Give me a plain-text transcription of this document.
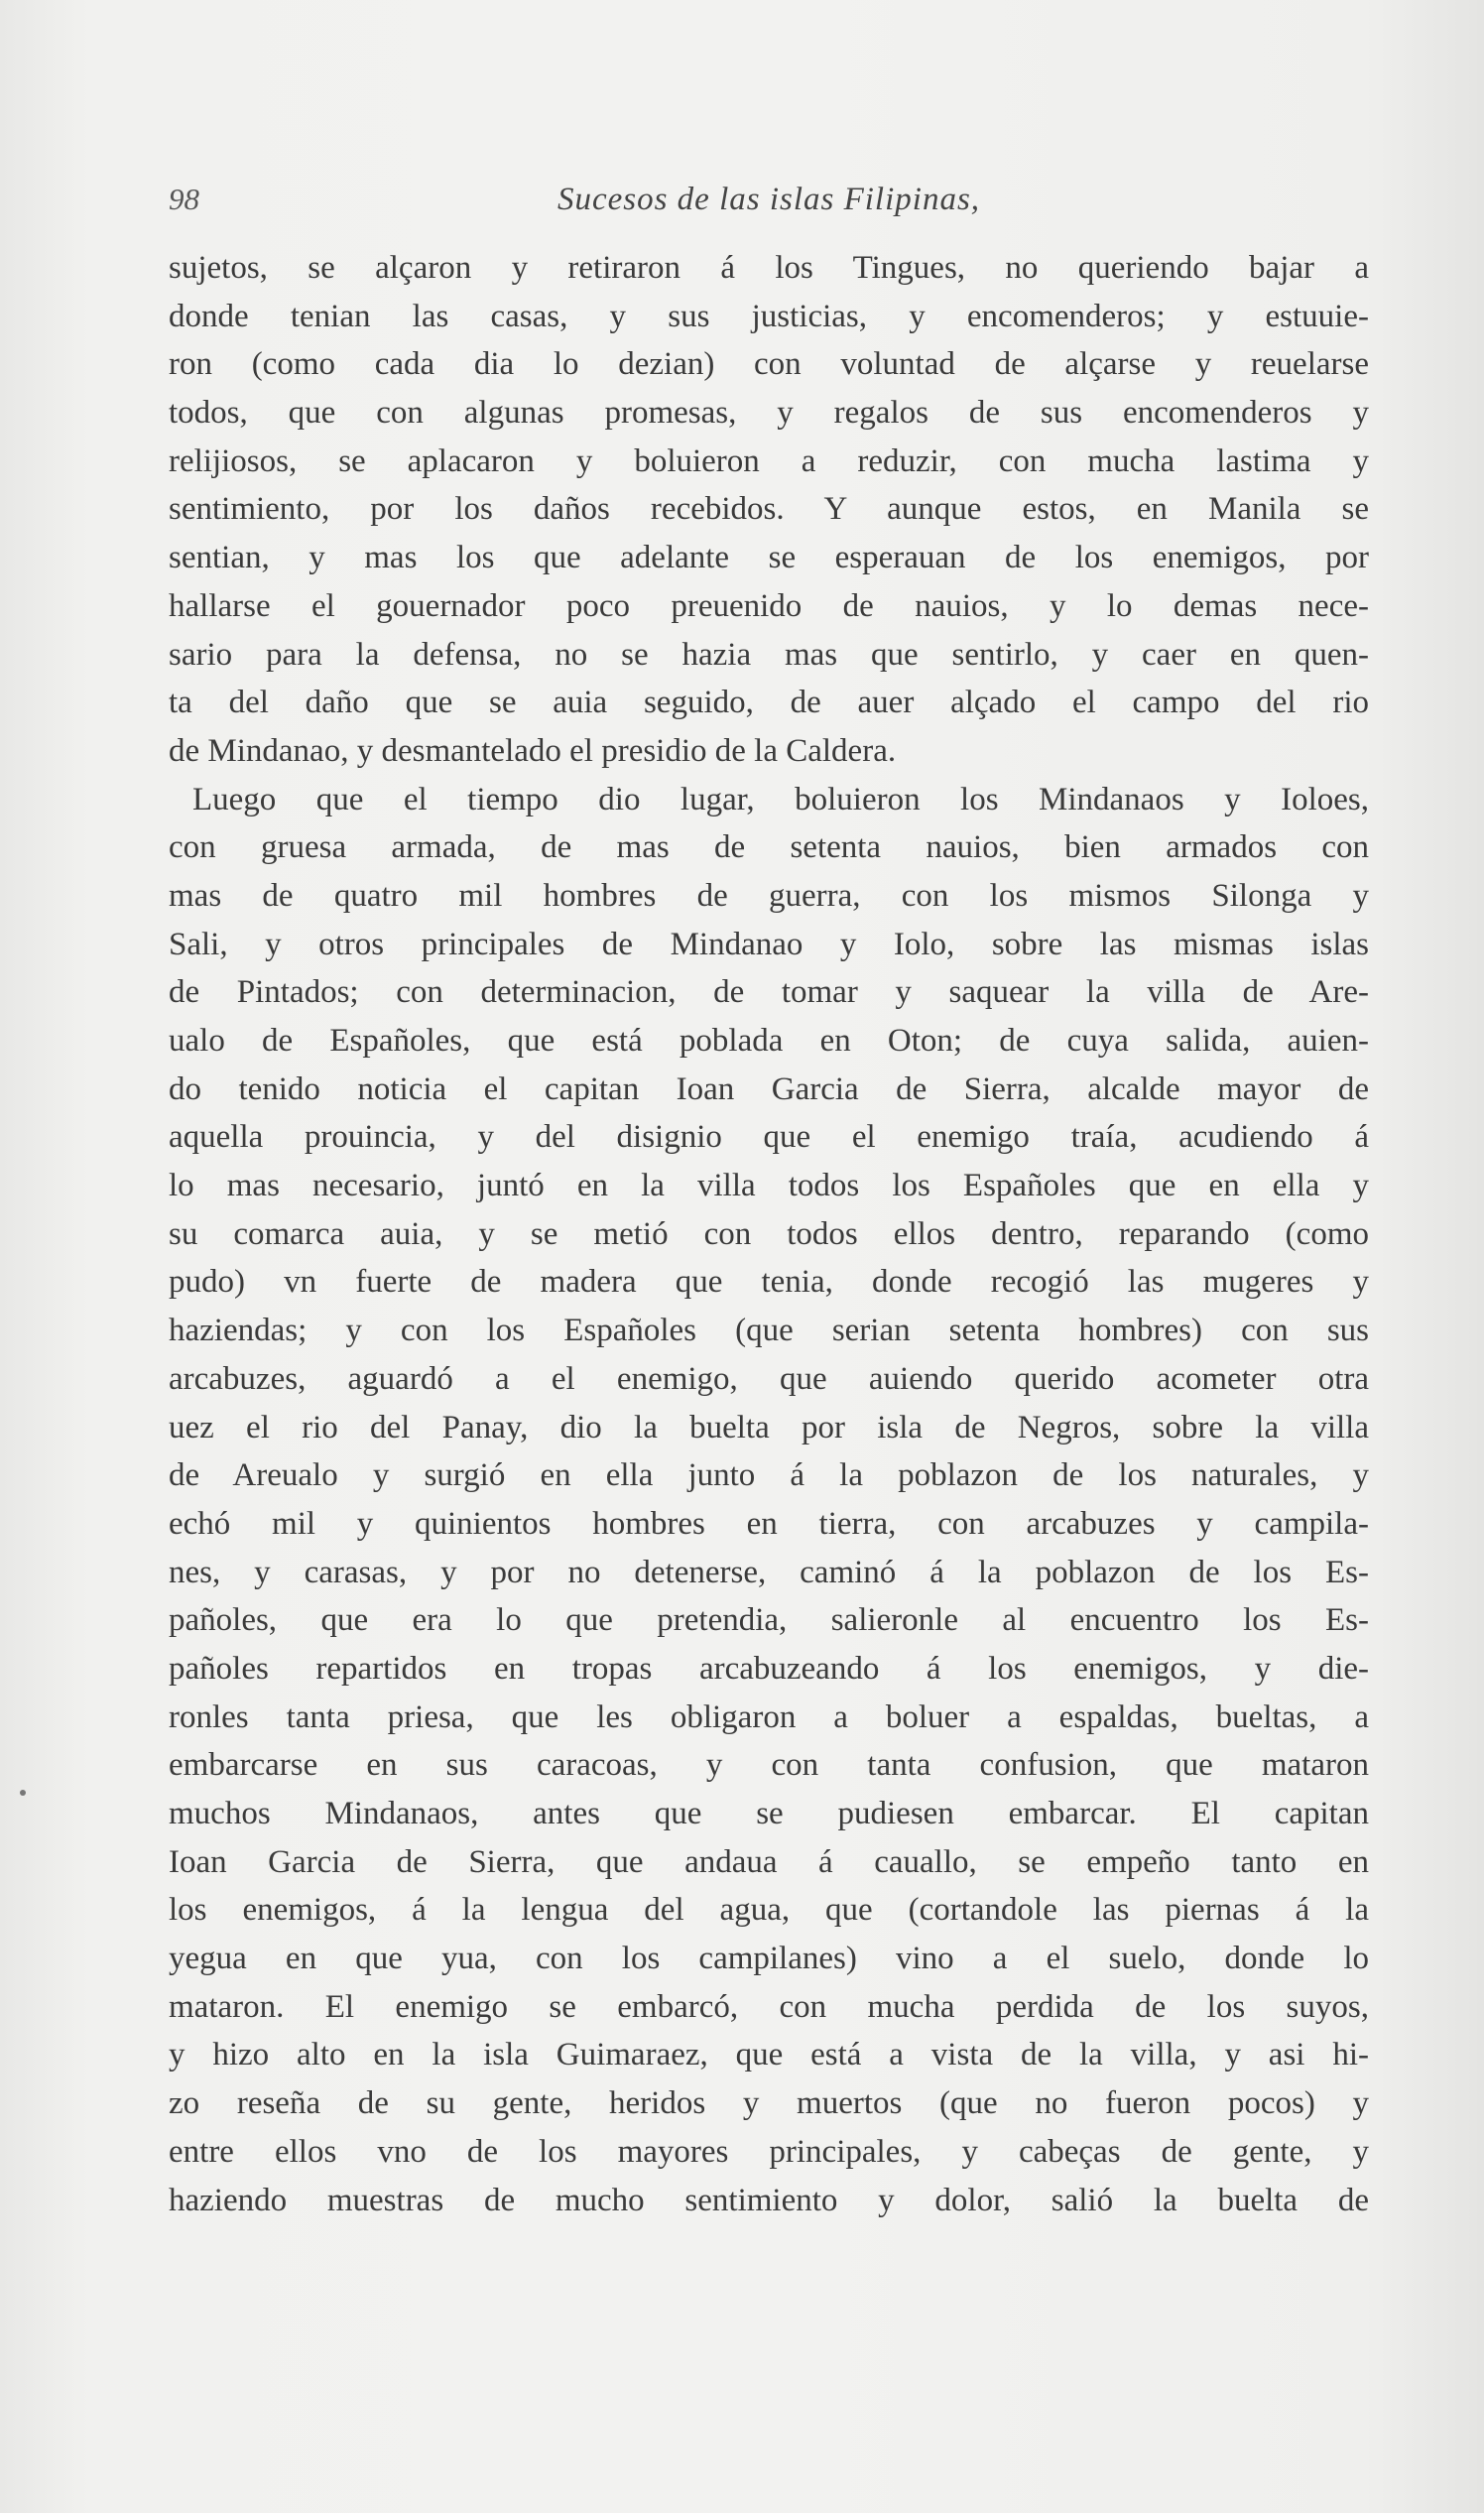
98	Sucesos de las islas Filipinas,
sujetos, se alçaron y retiraron á los Tingues, no queriendo bajar a
donde tenian las casas, y sus justicias, y encomenderos; y estuuie-
ron (como cada dia lo dezian) con voluntad de alçarse y reuelarse
todos, que con algunas promesas, y regalos de sus encomenderos y
relijiosos, se aplacaron y boluieron a reduzir, con mucha lastima y
sentimiento, por los daños recebidos. Y aunque estos, en Manila se
sentian, y mas los que adelante se esperauan de los enemigos, por
hallarse el gouernador poco preuenido de nauios, y lo demas nece-
sario para la defensa, no se hazia mas que sentirlo, y caer en quen-
ta del daño que se auia seguido, de auer alçado el campo del rio
de Mindanao, y desmantelado el presidio de la Caldera.
Luego que el tiempo dio lugar, boluieron los Mindanaos y Ioloes,
con gruesa armada, de mas de setenta nauios, bien armados con
mas de quatro mil hombres de guerra, con los mismos Silonga y
Sali, y otros principales de Mindanao y Iolo, sobre las mismas islas
de Pintados; con determinacion, de tomar y saquear la villa de Are-
ualo de Españoles, que está poblada en Oton; de cuya salida, auien-
do tenido noticia el capitan Ioan Garcia de Sierra, alcalde mayor de
aquella prouincia, y del disignio que el enemigo traía, acudiendo á
lo mas necesario, juntó en la villa todos los Españoles que en ella y
su comarca auia, y se metió con todos ellos dentro, reparando (como
pudo) vn fuerte de madera que tenia, donde recogió las mugeres y
haziendas; y con los Españoles (que serian setenta hombres) con sus
arcabuzes, aguardó a el enemigo, que auiendo querido acometer otra
uez el rio del Panay, dio la buelta por isla de Negros, sobre la villa
de Areualo y surgió en ella junto á la poblazon de los naturales, y
echó mil y quinientos hombres en tierra, con arcabuzes y campila-
nes, y carasas, y por no detenerse, caminó á la poblazon de los Es-
pañoles, que era lo que pretendia, salieronle al encuentro los Es-
pañoles repartidos en tropas arcabuzeando á los enemigos, y die-
ronles tanta priesa, que les obligaron a boluer a espaldas, bueltas, a
embarcarse en sus caracoas, y con tanta confusion, que mataron
muchos Mindanaos, antes que se pudiesen embarcar. El capitan
Ioan Garcia de Sierra, que andaua á cauallo, se empeño tanto en
los enemigos, á la lengua del agua, que (cortandole las piernas á la
yegua en que yua, con los campilanes) vino a el suelo, donde lo
mataron. El enemigo se embarcó, con mucha perdida de los suyos,
y hizo alto en la isla Guimaraez, que está a vista de la villa, y asi hi-
zo reseña de su gente, heridos y muertos (que no fueron pocos) y
entre ellos vno de los mayores principales, y cabeças de gente, y
haziendo muestras de mucho sentimiento y dolor, salió la buelta de
